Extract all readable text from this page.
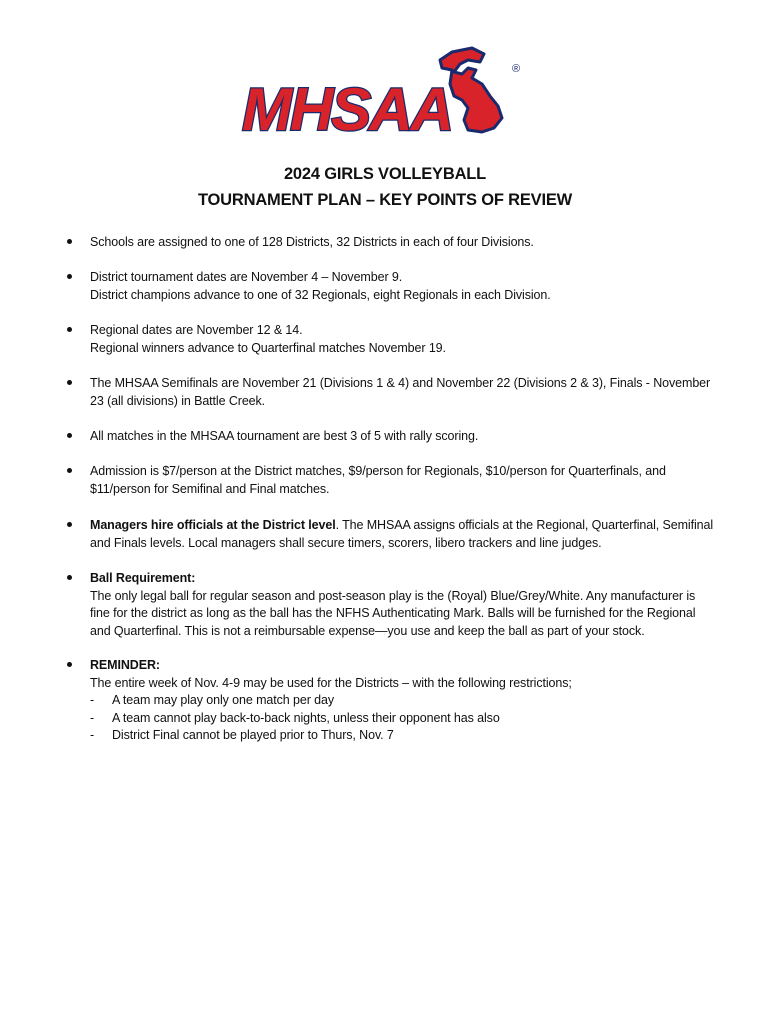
®
MHSAA
2024 GIRLS VOLLEYBALL
TOURNAMENT PLAN – KEY POINTS OF REVIEW
Schools are assigned to one of 128 Districts, 32 Districts in each of four Divisions.
District tournament dates are November 4 – November 9.
District champions advance to one of 32 Regionals, eight Regionals in each Division.
Regional dates are November 12 & 14.
Regional winners advance to Quarterfinal matches November 19.
The MHSAA Semifinals are November 21 (Divisions 1 & 4) and November 22 (Divisions 2 & 3), Finals - November
23 (all divisions) in Battle Creek.
All matches in the MHSAA tournament are best 3 of 5 with rally scoring.
Admission is $7/person at the District matches, $9/person for Regionals, $10/person for Quarterfinals, and
$11/person for Semifinal and Final matches.
Managers hire officials at the District level. The MHSAA assigns officials at the Regional, Quarterfinal, Semifinal
and Finals levels. Local managers shall secure timers, scorers, libero trackers and line judges.
Ball Requirement:
The only legal ball for regular season and post-season play is the (Royal) Blue/Grey/White. Any manufacturer is
fine for the district as long as the ball has the NFHS Authenticating Mark. Balls will be furnished for the Regional
and Quarterfinal. This is not a reimbursable expense—you use and keep the ball as part of your stock.
REMINDER:
The entire week of Nov. 4-9 may be used for the Districts – with the following restrictions;
- A team may play only one match per day
- A team cannot play back-to-back nights, unless their opponent has also
- District Final cannot be played prior to Thurs, Nov. 7
